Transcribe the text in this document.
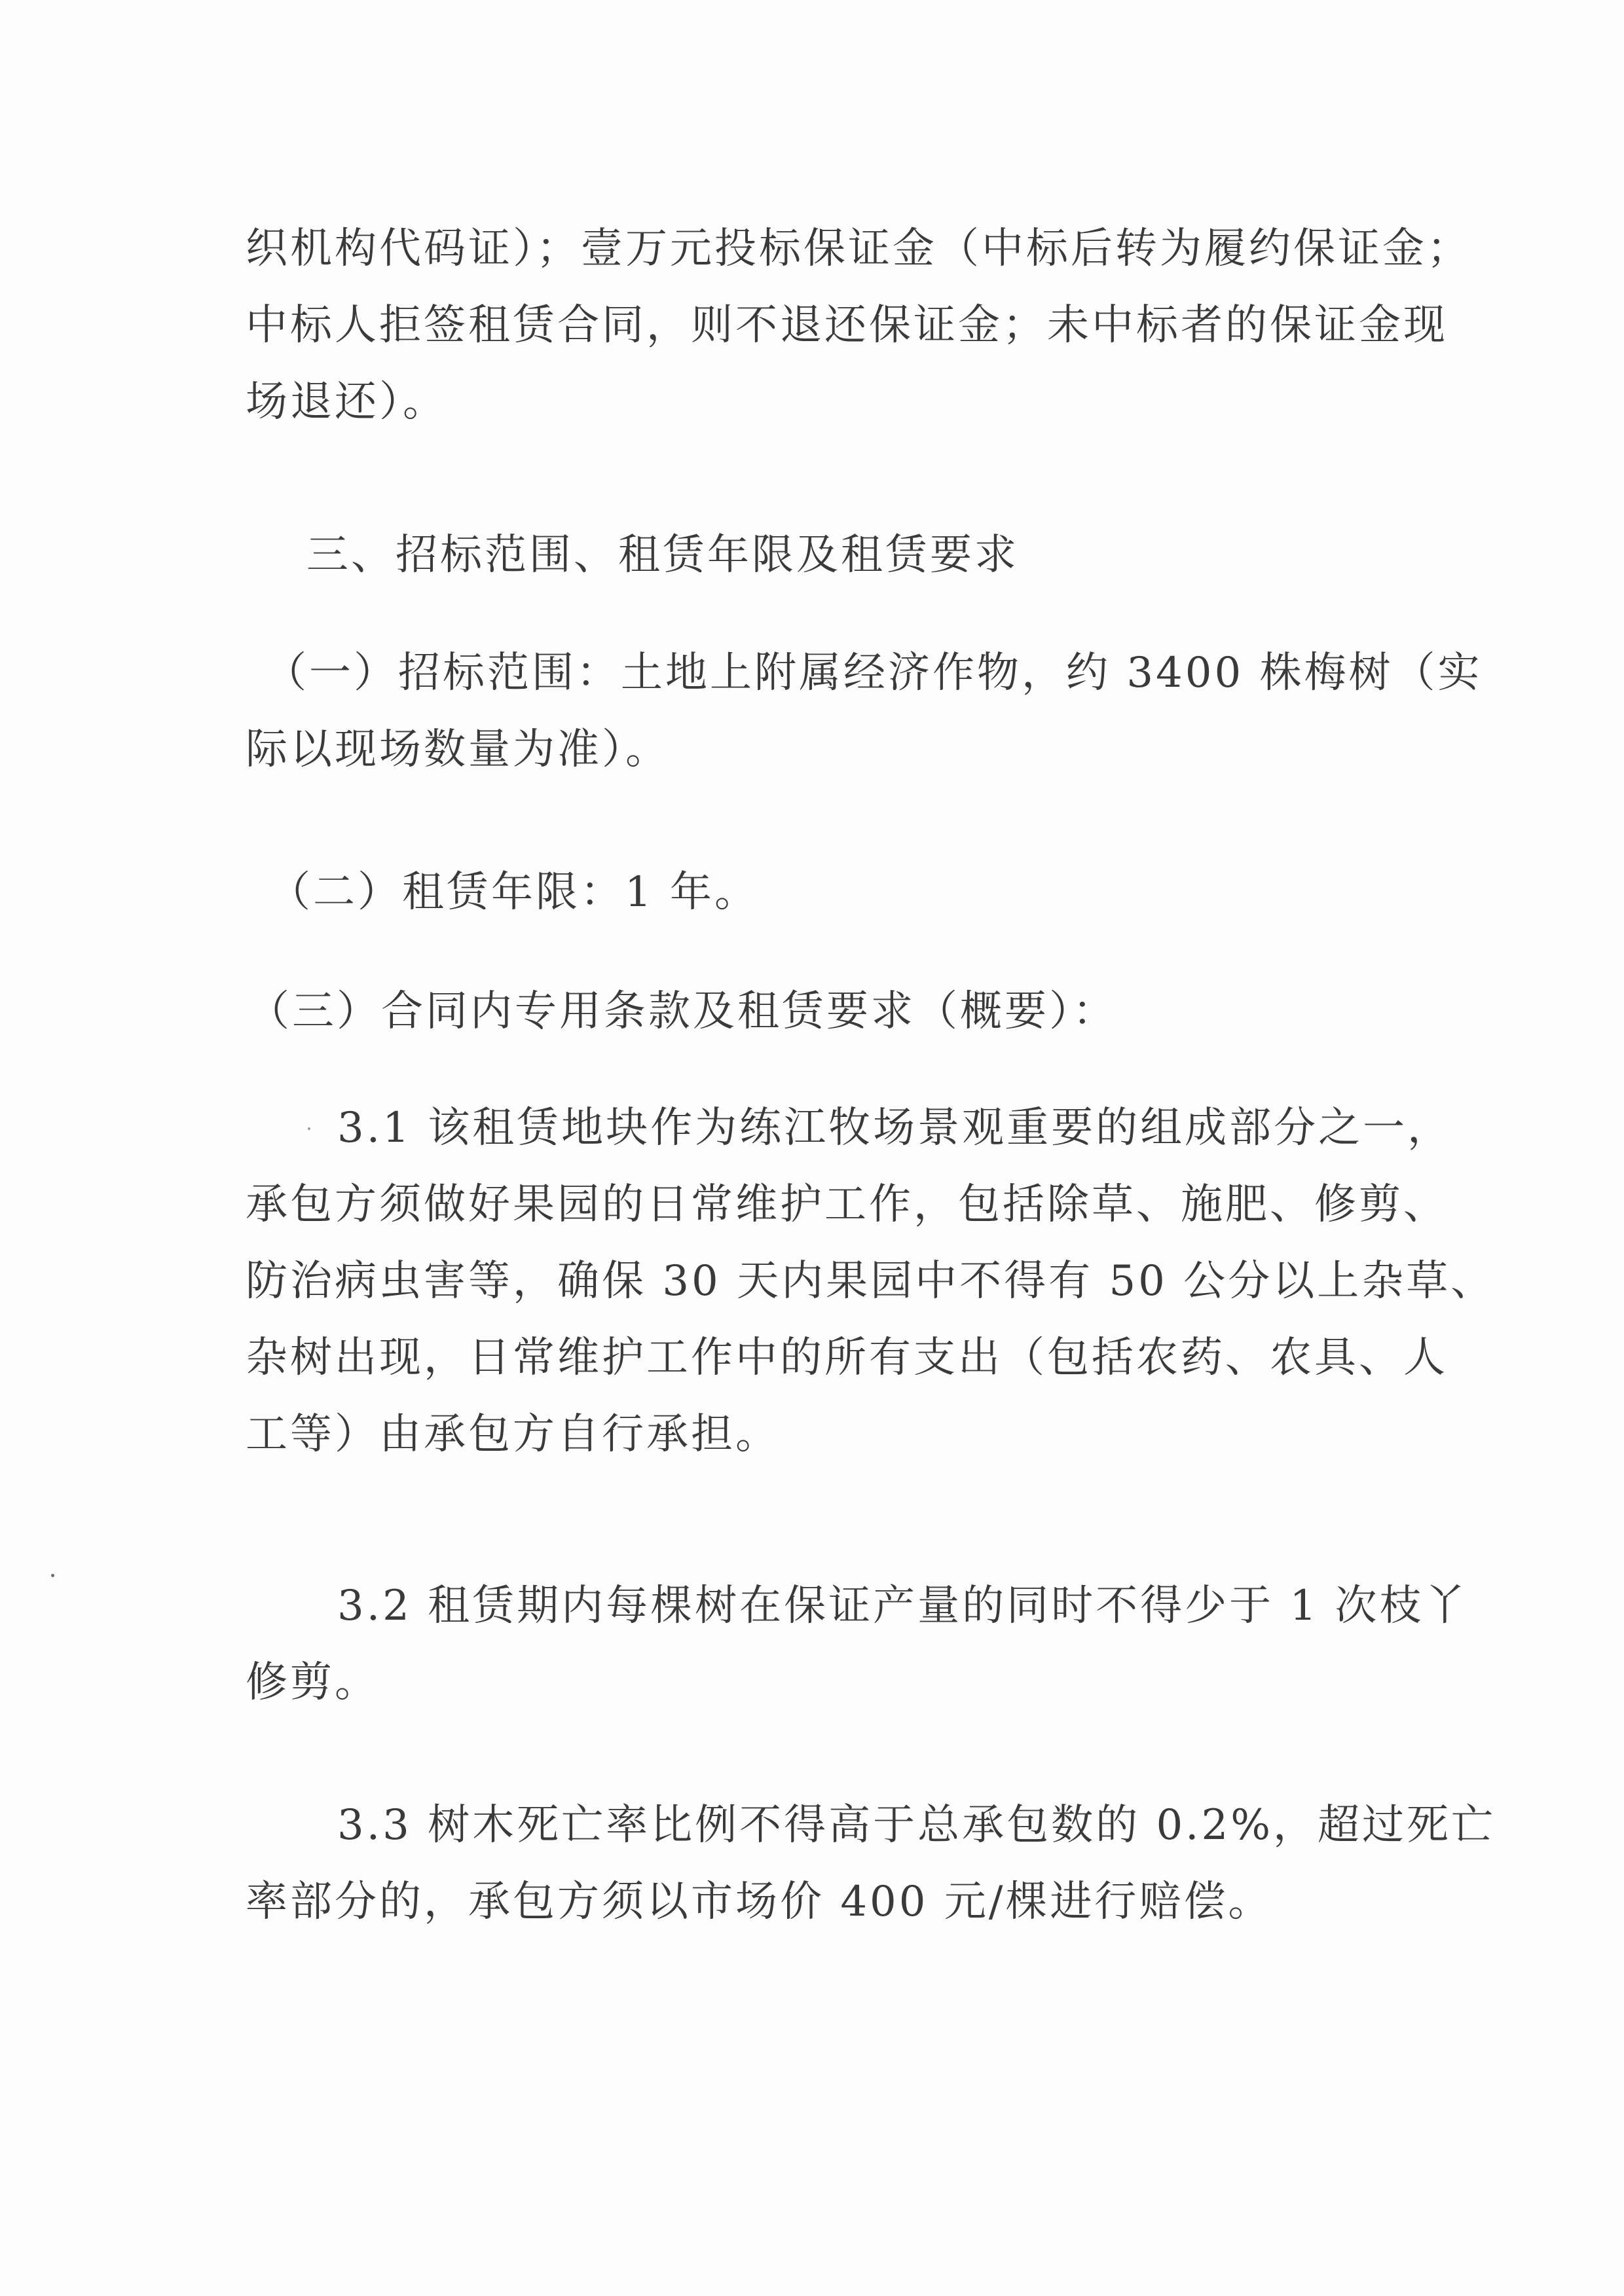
织机构代码证）；壹万元投标保证金（中标后转为履约保证金；
中标人拒签租赁合同，则不退还保证金；未中标者的保证金现
场退还）。

三、招标范围、租赁年限及租赁要求

（一）招标范围：土地上附属经济作物，约 3400 株梅树（实
际以现场数量为准）。

（二）租赁年限：1 年。

（三）合同内专用条款及租赁要求（概要）：

3.1 该租赁地块作为练江牧场景观重要的组成部分之一，
承包方须做好果园的日常维护工作，包括除草、施肥、修剪、
防治病虫害等，确保 30 天内果园中不得有 50 公分以上杂草、
杂树出现，日常维护工作中的所有支出（包括农药、农具、人
工等）由承包方自行承担。

3.2 租赁期内每棵树在保证产量的同时不得少于 1 次枝丫
修剪。

3.3 树木死亡率比例不得高于总承包数的 0.2%，超过死亡
率部分的，承包方须以市场价 400 元/棵进行赔偿。
